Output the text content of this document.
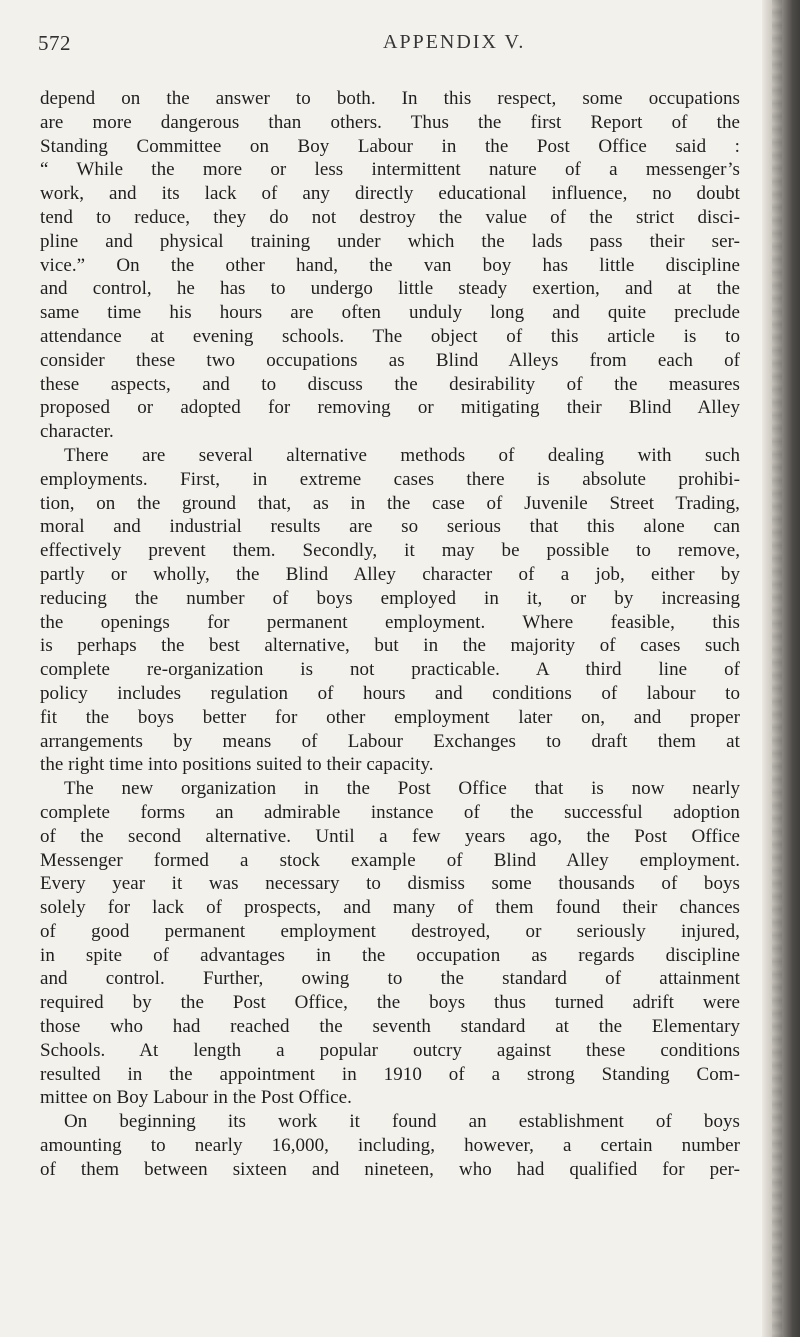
572	APPENDIX V.
depend on the answer to both. In this respect, some occupations
are more dangerous than others. Thus the first Report of the
Standing Committee on Boy Labour in the Post Office said :
“ While the more or less intermittent nature of a messenger’s
work, and its lack of any directly educational influence, no doubt
tend to reduce, they do not destroy the value of the strict disci-
pline and physical training under which the lads pass their ser-
vice.” On the other hand, the van boy has little discipline
and control, he has to undergo little steady exertion, and at the
same time his hours are often unduly long and quite preclude
attendance at evening schools. The object of this article is to
consider these two occupations as Blind Alleys from each of
these aspects, and to discuss the desirability of the measures
proposed or adopted for removing or mitigating their Blind Alley
character.
There are several alternative methods of dealing with such
employments. First, in extreme cases there is absolute prohibi-
tion, on the ground that, as in the case of Juvenile Street Trading,
moral and industrial results are so serious that this alone can
effectively prevent them. Secondly, it may be possible to remove,
partly or wholly, the Blind Alley character of a job, either by
reducing the number of boys employed in it, or by increasing
the openings for permanent employment. Where feasible, this
is perhaps the best alternative, but in the majority of cases such
complete re-organization is not practicable. A third line of
policy includes regulation of hours and conditions of labour to
fit the boys better for other employment later on, and proper
arrangements by means of Labour Exchanges to draft them at
the right time into positions suited to their capacity.
The new organization in the Post Office that is now nearly
complete forms an admirable instance of the successful adoption
of the second alternative. Until a few years ago, the Post Office
Messenger formed a stock example of Blind Alley employment.
Every year it was necessary to dismiss some thousands of boys
solely for lack of prospects, and many of them found their chances
of good permanent employment destroyed, or seriously injured,
in spite of advantages in the occupation as regards discipline
and control. Further, owing to the standard of attainment
required by the Post Office, the boys thus turned adrift were
those who had reached the seventh standard at the Elementary
Schools. At length a popular outcry against these conditions
resulted in the appointment in 1910 of a strong Standing Com-
mittee on Boy Labour in the Post Office.
On beginning its work it found an establishment of boys
amounting to nearly 16,000, including, however, a certain number
of them between sixteen and nineteen, who had qualified for per-
